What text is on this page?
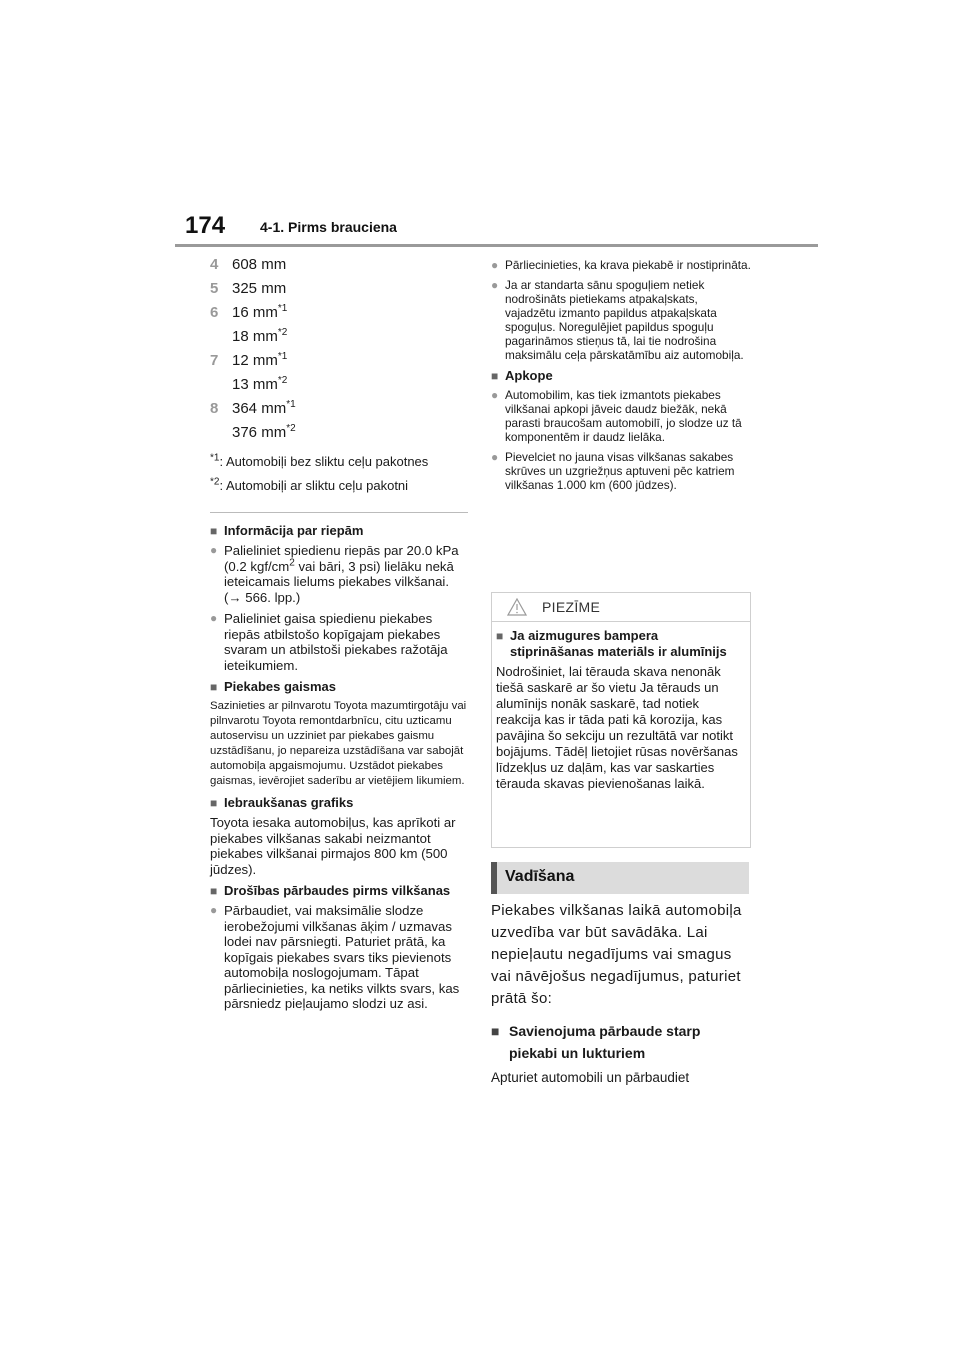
174 4-1. Pirms brauciena
4 608 mm
5 325 mm
6 16 $mm^{*1}$
18 $mm^{*2}$
7 12 $mm^{*1}$
13 $mm^{*2}$
8 364 $mm^{*1}$
376 $mm^{*2}$
$^{*1}$: Automobiļi bez sliktu ceļu pakotnes
$^{*2}$: Automobiļi ar sliktu ceļu pakotni
■ Informācija par riepām
● Palieliniet spiedienu riepās par 20.0 kPa (0.2 kgf/$cm^2$ vai bāri, 3 psi) lielāku nekā ieteicamais lielums piekabes vilkšanai. (→ 566. lpp.)
● Palieliniet gaisa spiedienu piekabes riepās atbilstošo kopīgajam piekabes svaram un atbilstoši piekabes ražotāja ieteikumiem.
■ Piekabes gaismas
Sazinieties ar pilnvarotu Toyota mazumtirgotāju vai pilnvarotu Toyota remontdarbnīcu, citu uzticamu autoservisu un uzziniet par piekabes gaismu uzstādīšanu, jo nepareiza uzstādīšana var sabojāt automobiļa apgaismojumu. Uzstādot piekabes gaismas, ievērojiet saderību ar vietējiem likumiem.
■ Iebraukšanas grafiks
Toyota iesaka automobiļus, kas aprīkoti ar piekabes vilkšanas sakabi neizmantot piekabes vilkšanai pirmajos 800 km (500 jūdzes).
■ Drošības pārbaudes pirms vilkšanas
● Pārbaudiet, vai maksimālie slodze ierobežojumi vilkšanas āķim / uzmavas lodei nav pārsniegti. Paturiet prātā, ka kopīgais piekabes svars tiks pievienots automobiļa noslogojumam. Tāpat pārliecinieties, ka netiks vilkts svars, kas pārsniedz pieļaujamo slodzi uz asi.
● Pārliecinieties, ka krava piekabē ir nostiprināta.
● Ja ar standarta sānu spoguļiem netiek nodrošināts pietiekams atpakaļskats, vajadzētu izmanto papildus atpakaļskata spoguļus. Noregulējiet papildus spoguļu pagarināmos stieņus tā, lai tie nodrošina maksimālu ceļa pārskatāmību aiz automobiļa.
■ Apkope
● Automobilim, kas tiek izmantots piekabes vilkšanai apkopi jāveic daudz biežāk, nekā parasti braucošam automobilī, jo slodze uz tā komponentēm ir daudz lielāka.
● Pievelciet no jauna visas vilkšanas sakabes skrūves un uzgriežņus aptuveni pēc katriem vilkšanas 1.000 km (600 jūdzes).
PIEZĪME
■ Ja aizmugures bampera stiprināšanas materiāls ir alumīnijs
Nodrošiniet, lai tērauda skava nenonāk tiešā saskarē ar šo vietu Ja tērauds un alumīnijs nonāk saskarē, tad notiek reakcija kas ir tāda pati kā korozija, kas pavājina šo sekciju un rezultātā var notikt bojājums. Tādēļ lietojiet rūsas novēršanas līdzekļus uz daļām, kas var saskarties tērauda skavas pievienošanas laikā.
Vadīšana

Piekabes vilkšanas laikā automobiļa uzvedība var būt savādāka. Lai nepieļautu negadījums vai smagus vai nāvējošus negadījumus, paturiet prātā šo:

■ Savienojuma pārbaude starp piekabi un lukturiem
Apturiet automobili un pārbaudiet
